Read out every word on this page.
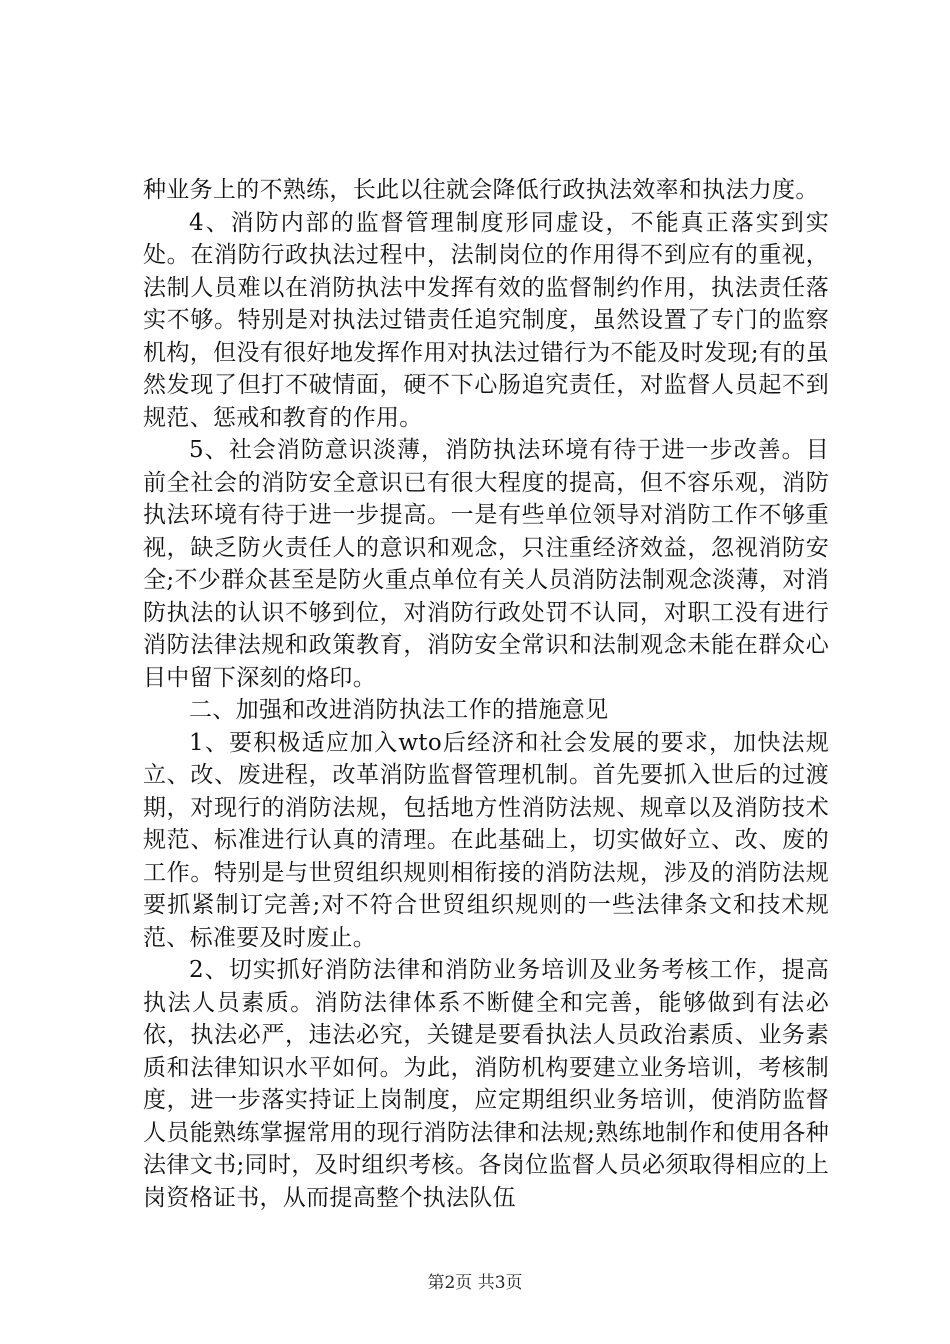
种业务上的不熟练，长此以往就会降低行政执法效率和执法力度。

4、消防内部的监督管理制度形同虚设，不能真正落实到实处。在消防行政执法过程中，法制岗位的作用得不到应有的重视，法制人员难以在消防执法中发挥有效的监督制约作用，执法责任落实不够。特别是对执法过错责任追究制度，虽然设置了专门的监察机构，但没有很好地发挥作用对执法过错行为不能及时发现;有的虽然发现了但打不破情面，硬不下心肠追究责任，对监督人员起不到规范、惩戒和教育的作用。

5、社会消防意识淡薄，消防执法环境有待于进一步改善。目前全社会的消防安全意识已有很大程度的提高，但不容乐观，消防执法环境有待于进一步提高。一是有些单位领导对消防工作不够重视，缺乏防火责任人的意识和观念，只注重经济效益，忽视消防安全;不少群众甚至是防火重点单位有关人员消防法制观念淡薄，对消防执法的认识不够到位，对消防行政处罚不认同，对职工没有进行消防法律法规和政策教育，消防安全常识和法制观念未能在群众心目中留下深刻的烙印。

二、加强和改进消防执法工作的措施意见

1、要积极适应加入wto后经济和社会发展的要求，加快法规立、改、废进程，改革消防监督管理机制。首先要抓入世后的过渡期，对现行的消防法规，包括地方性消防法规、规章以及消防技术规范、标准进行认真的清理。在此基础上，切实做好立、改、废的工作。特别是与世贸组织规则相衔接的消防法规，涉及的消防法规要抓紧制订完善;对不符合世贸组织规则的一些法律条文和技术规范、标准要及时废止。

2、切实抓好消防法律和消防业务培训及业务考核工作，提高执法人员素质。消防法律体系不断健全和完善，能够做到有法必依，执法必严，违法必究，关键是要看执法人员政治素质、业务素质和法律知识水平如何。为此，消防机构要建立业务培训，考核制度，进一步落实持证上岗制度，应定期组织业务培训，使消防监督人员能熟练掌握常用的现行消防法律和法规;熟练地制作和使用各种法律文书;同时，及时组织考核。各岗位监督人员必须取得相应的上岗资格证书，从而提高整个执法队伍

第2页 共3页
